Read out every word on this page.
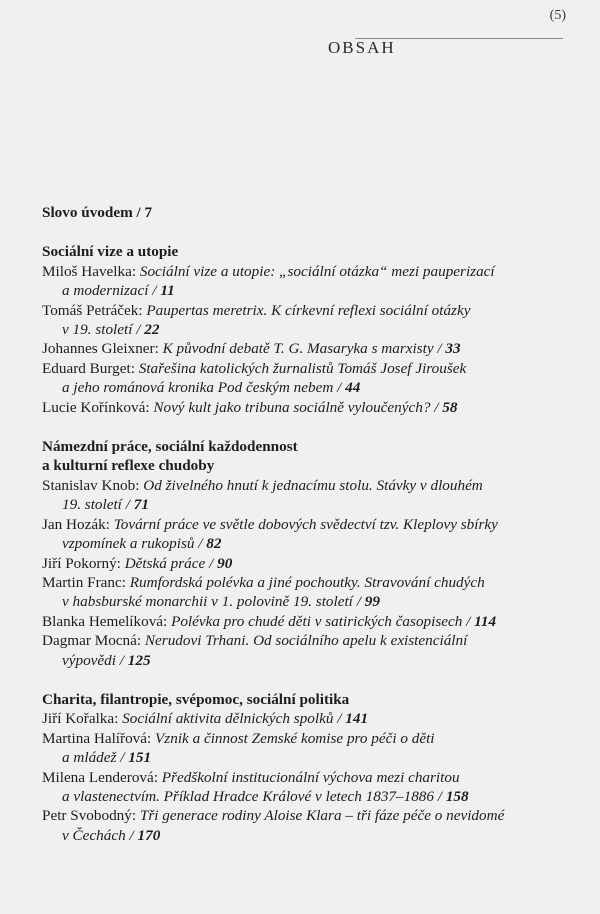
(5)
OBSAH
Slovo úvodem / 7
Sociální vize a utopie
Miloš Havelka: Sociální vize a utopie: „sociální otázka“ mezi pauperizací
a modernizací / 11
Tomáš Petráček: Paupertas meretrix. K církevní reflexi sociální otázky
v 19. století / 22
Johannes Gleixner: K původní debatě T. G. Masaryka s marxisty / 33
Eduard Burget: Stařešina katolických žurnalistů Tomáš Josef Jiroušek
a jeho románová kronika Pod českým nebem / 44
Lucie Kořínková: Nový kult jako tribuna sociálně vyloučených? / 58
Námezdní práce, sociální každodennost
a kulturní reflexe chudoby
Stanislav Knob: Od živelného hnutí k jednacímu stolu. Stávky v dlouhém
19. století / 71
Jan Hozák: Tovární práce ve světle dobových svědectví tzv. Kleplovy sbírky
vzpomínek a rukopisů / 82
Jiří Pokorný: Dětská práce / 90
Martin Franc: Rumfordská polévka a jiné pochoutky. Stravování chudých
v habsburské monarchii v 1. polovině 19. století / 99
Blanka Hemelíková: Polévka pro chudé děti v satirických časopisech / 114
Dagmar Mocná: Nerudovi Trhani. Od sociálního apelu k existenciální
výpovědi / 125
Charita, filantropie, svépomoc, sociální politika
Jiří Kořalka: Sociální aktivita dělnických spolků / 141
Martina Halířová: Vznik a činnost Zemské komise pro péči o děti
a mládež / 151
Milena Lenderová: Předškolní institucionální výchova mezi charitou
a vlastenectvím. Příklad Hradce Králové v letech 1837–1886 / 158
Petr Svobodný: Tři generace rodiny Aloise Klara – tři fáze péče o nevidomé
v Čechách / 170
